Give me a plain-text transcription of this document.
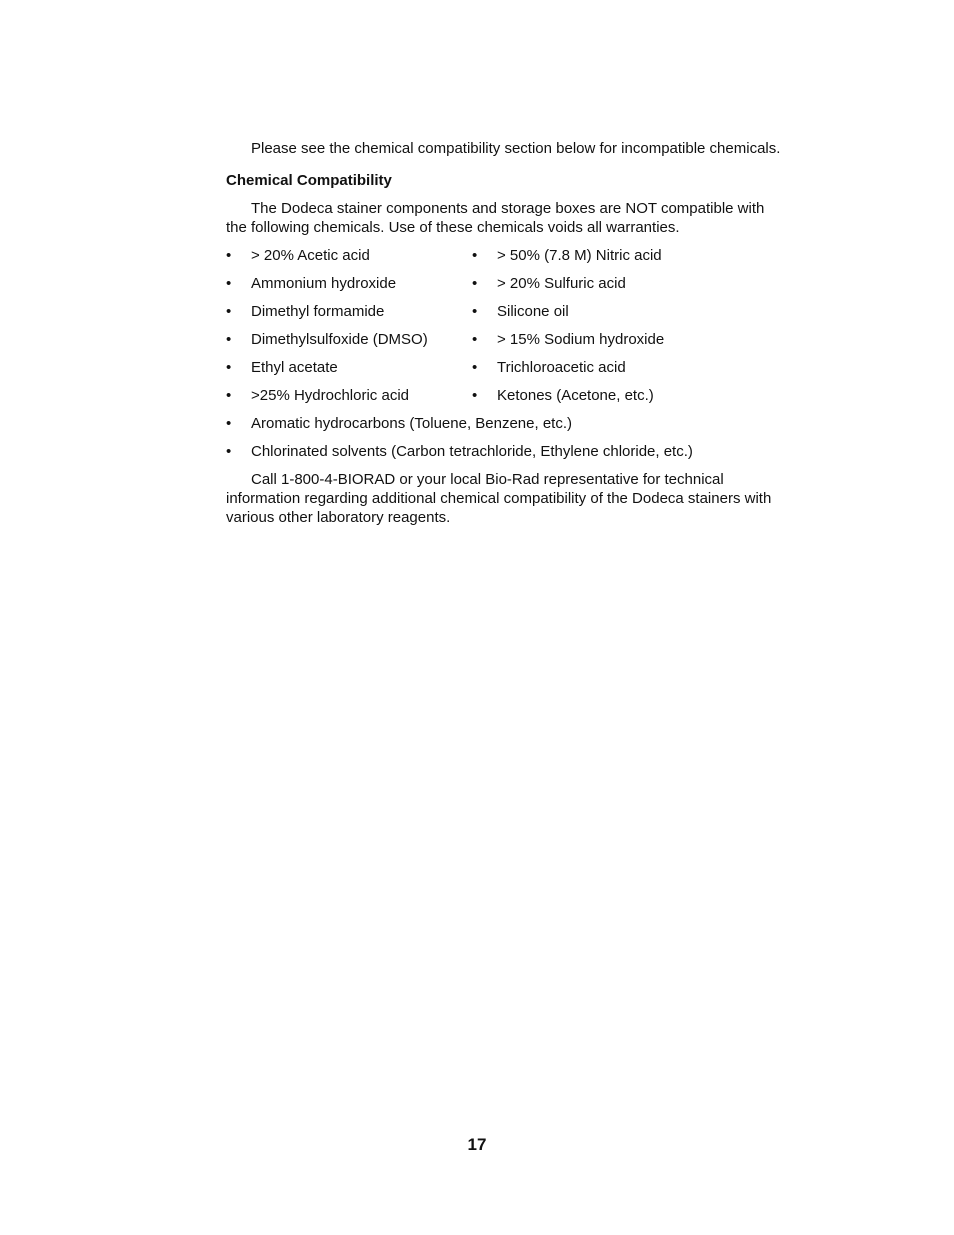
Please see the chemical compatibility section below for incompatible chemicals.

Chemical Compatibility

The Dodeca stainer components and storage boxes are NOT compatible with the following chemicals. Use of these chemicals voids all warranties.

•	> 20% Acetic acid	•	> 50% (7.8 M) Nitric acid
•	Ammonium hydroxide	•	> 20% Sulfuric acid
•	Dimethyl formamide	•	Silicone oil
•	Dimethylsulfoxide (DMSO)	•	> 15% Sodium hydroxide
•	Ethyl acetate	•	Trichloroacetic acid
•	>25% Hydrochloric acid	•	Ketones (Acetone, etc.)
•	Aromatic hydrocarbons (Toluene, Benzene, etc.)
•	Chlorinated solvents (Carbon tetrachloride, Ethylene chloride, etc.)

Call 1-800-4-BIORAD or your local Bio-Rad representative for technical information regarding additional chemical compatibility of the Dodeca stainers with various other laboratory reagents.

17
